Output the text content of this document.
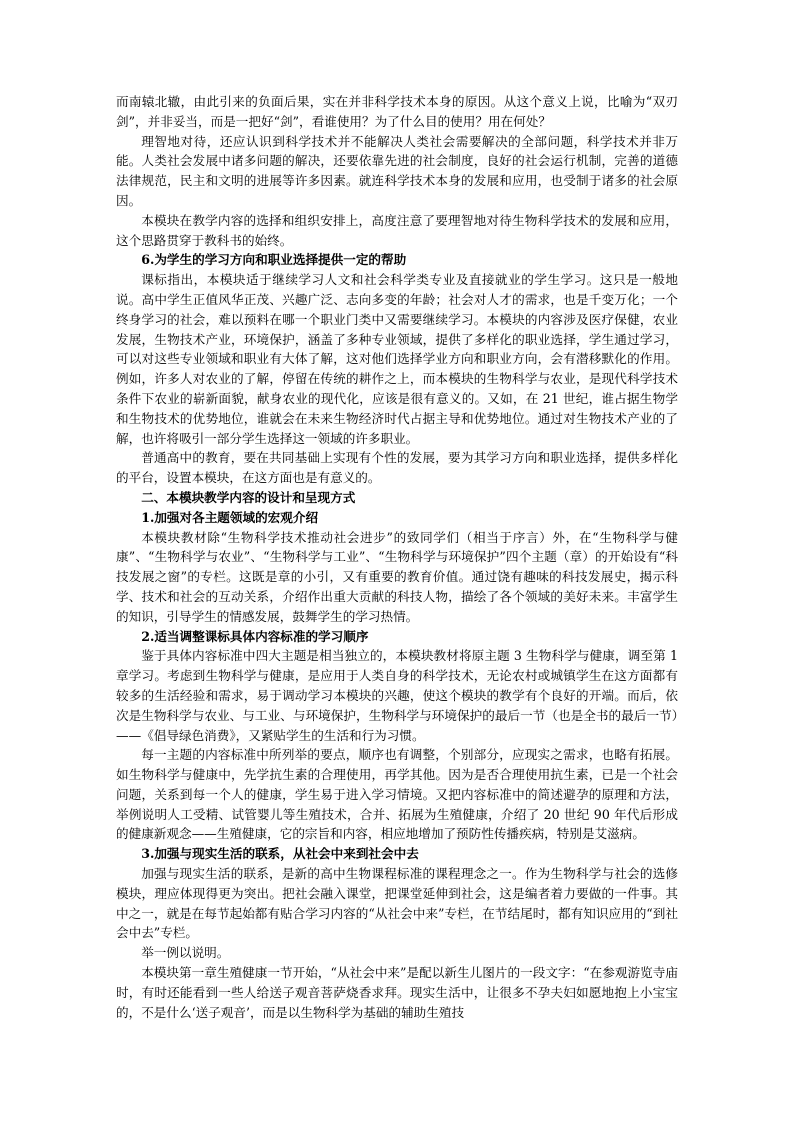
而南辕北辙，由此引来的负面后果，实在并非科学技术本身的原因。从这个意义上说，比喻为“双刃剑”，并非妥当，而是一把好“剑”，看谁使用？为了什么目的使用？用在何处？

理智地对待，还应认识到科学技术并不能解决人类社会需要解决的全部问题，科学技术并非万能。人类社会发展中诸多问题的解决，还要依靠先进的社会制度，良好的社会运行机制，完善的道德法律规范，民主和文明的进展等许多因素。就连科学技术本身的发展和应用，也受制于诸多的社会原因。

本模块在教学内容的选择和组织安排上，高度注意了要理智地对待生物科学技术的发展和应用，这个思路贯穿于教科书的始终。

6.为学生的学习方向和职业选择提供一定的帮助

课标指出，本模块适于继续学习人文和社会科学类专业及直接就业的学生学习。这只是一般地说。高中学生正值风华正茂、兴趣广泛、志向多变的年龄；社会对人才的需求，也是千变万化；一个终身学习的社会，难以预料在哪一个职业门类中又需要继续学习。本模块的内容涉及医疗保健，农业发展，生物技术产业，环境保护，涵盖了多种专业领域，提供了多样化的职业选择，学生通过学习，可以对这些专业领域和职业有大体了解，这对他们选择学业方向和职业方向，会有潜移默化的作用。例如，许多人对农业的了解，停留在传统的耕作之上，而本模块的生物科学与农业，是现代科学技术条件下农业的崭新面貌，献身农业的现代化，应该是很有意义的。又如，在 21 世纪，谁占据生物学和生物技术的优势地位，谁就会在未来生物经济时代占据主导和优势地位。通过对生物技术产业的了解，也许将吸引一部分学生选择这一领域的许多职业。

普通高中的教育，要在共同基础上实现有个性的发展，要为其学习方向和职业选择，提供多样化的平台，设置本模块，在这方面也是有意义的。

二、本模块教学内容的设计和呈现方式

1.加强对各主题领域的宏观介绍

本模块教材除“生物科学技术推动社会进步”的致同学们（相当于序言）外，在“生物科学与健康”、“生物科学与农业”、“生物科学与工业”、“生物科学与环境保护”四个主题（章）的开始设有“科技发展之窗”的专栏。这既是章的小引，又有重要的教育价值。通过饶有趣味的科技发展史，揭示科学、技术和社会的互动关系，介绍作出重大贡献的科技人物，描绘了各个领域的美好未来。丰富学生的知识，引导学生的情感发展，鼓舞学生的学习热情。

2.适当调整课标具体内容标准的学习顺序

鉴于具体内容标准中四大主题是相当独立的，本模块教材将原主题 3 生物科学与健康，调至第 1 章学习。考虑到生物科学与健康，是应用于人类自身的科学技术，无论农村或城镇学生在这方面都有较多的生活经验和需求，易于调动学习本模块的兴趣，使这个模块的教学有个良好的开端。而后，依次是生物科学与农业、与工业、与环境保护，生物科学与环境保护的最后一节（也是全书的最后一节）——《倡导绿色消费》，又紧贴学生的生活和行为习惯。

每一主题的内容标准中所列举的要点，顺序也有调整，个别部分，应现实之需求，也略有拓展。如生物科学与健康中，先学抗生素的合理使用，再学其他。因为是否合理使用抗生素，已是一个社会问题，关系到每一个人的健康，学生易于进入学习情境。又把内容标准中的简述避孕的原理和方法，举例说明人工受精、试管婴儿等生殖技术，合并、拓展为生殖健康，介绍了 20 世纪 90 年代后形成的健康新观念——生殖健康，它的宗旨和内容，相应地增加了预防性传播疾病，特别是艾滋病。

3.加强与现实生活的联系，从社会中来到社会中去

加强与现实生活的联系，是新的高中生物课程标准的课程理念之一。作为生物科学与社会的选修模块，理应体现得更为突出。把社会融入课堂，把课堂延伸到社会，这是编者着力要做的一件事。其中之一，就是在每节起始都有贴合学习内容的“从社会中来”专栏，在节结尾时，都有知识应用的“到社会中去”专栏。

举一例以说明。

本模块第一章生殖健康一节开始，“从社会中来”是配以新生儿图片的一段文字：“在参观游览寺庙时，有时还能看到一些人给送子观音菩萨烧香求拜。现实生活中，让很多不孕夫妇如愿地抱上小宝宝的，不是什么‘送子观音’，而是以生物科学为基础的辅助生殖技
